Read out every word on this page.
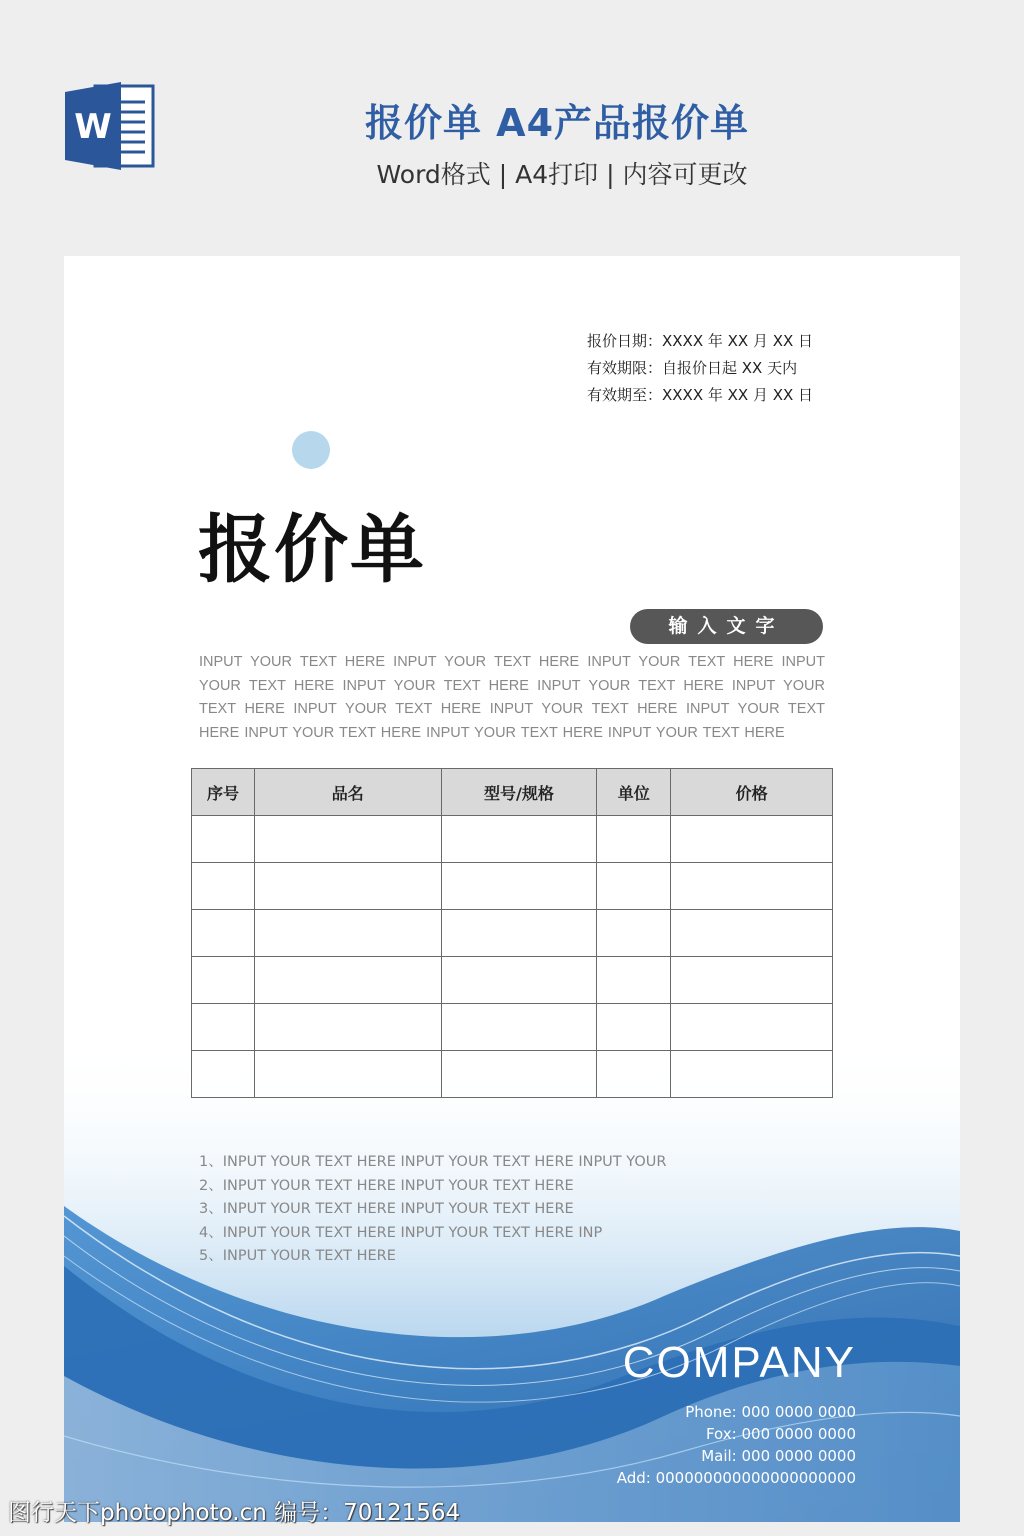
W	报价单 A4产品报价单
Word格式 | A4打印 | 内容可更改
报价日期：XXXX 年 XX 月 XX 日
有效期限：自报价日起 XX 天内
有效期至：XXXX 年 XX 月 XX 日
报价单
输入文字
INPUT YOUR TEXT HERE INPUT YOUR TEXT HERE INPUT YOUR TEXT HERE INPUT YOUR TEXT HERE INPUT YOUR TEXT HERE INPUT YOUR TEXT HERE INPUT YOUR TEXT HERE INPUT YOUR TEXT HERE INPUT YOUR TEXT HERE INPUT YOUR TEXT HERE INPUT YOUR TEXT HERE INPUT YOUR TEXT HERE INPUT YOUR TEXT HERE
序号	品名	型号/规格	单位	价格

1、INPUT YOUR TEXT HERE INPUT YOUR TEXT HERE INPUT YOUR
2、INPUT YOUR TEXT HERE INPUT YOUR TEXT HERE
3、INPUT YOUR TEXT HERE INPUT YOUR TEXT HERE
4、INPUT YOUR TEXT HERE INPUT YOUR TEXT HERE INP
5、INPUT YOUR TEXT HERE
COMPANY
Phone: 000 0000 0000
Fox: 000 0000 0000
Mail: 000 0000 0000
Add: 000000000000000000000
图行天下photophoto.cn 编号：70121564
